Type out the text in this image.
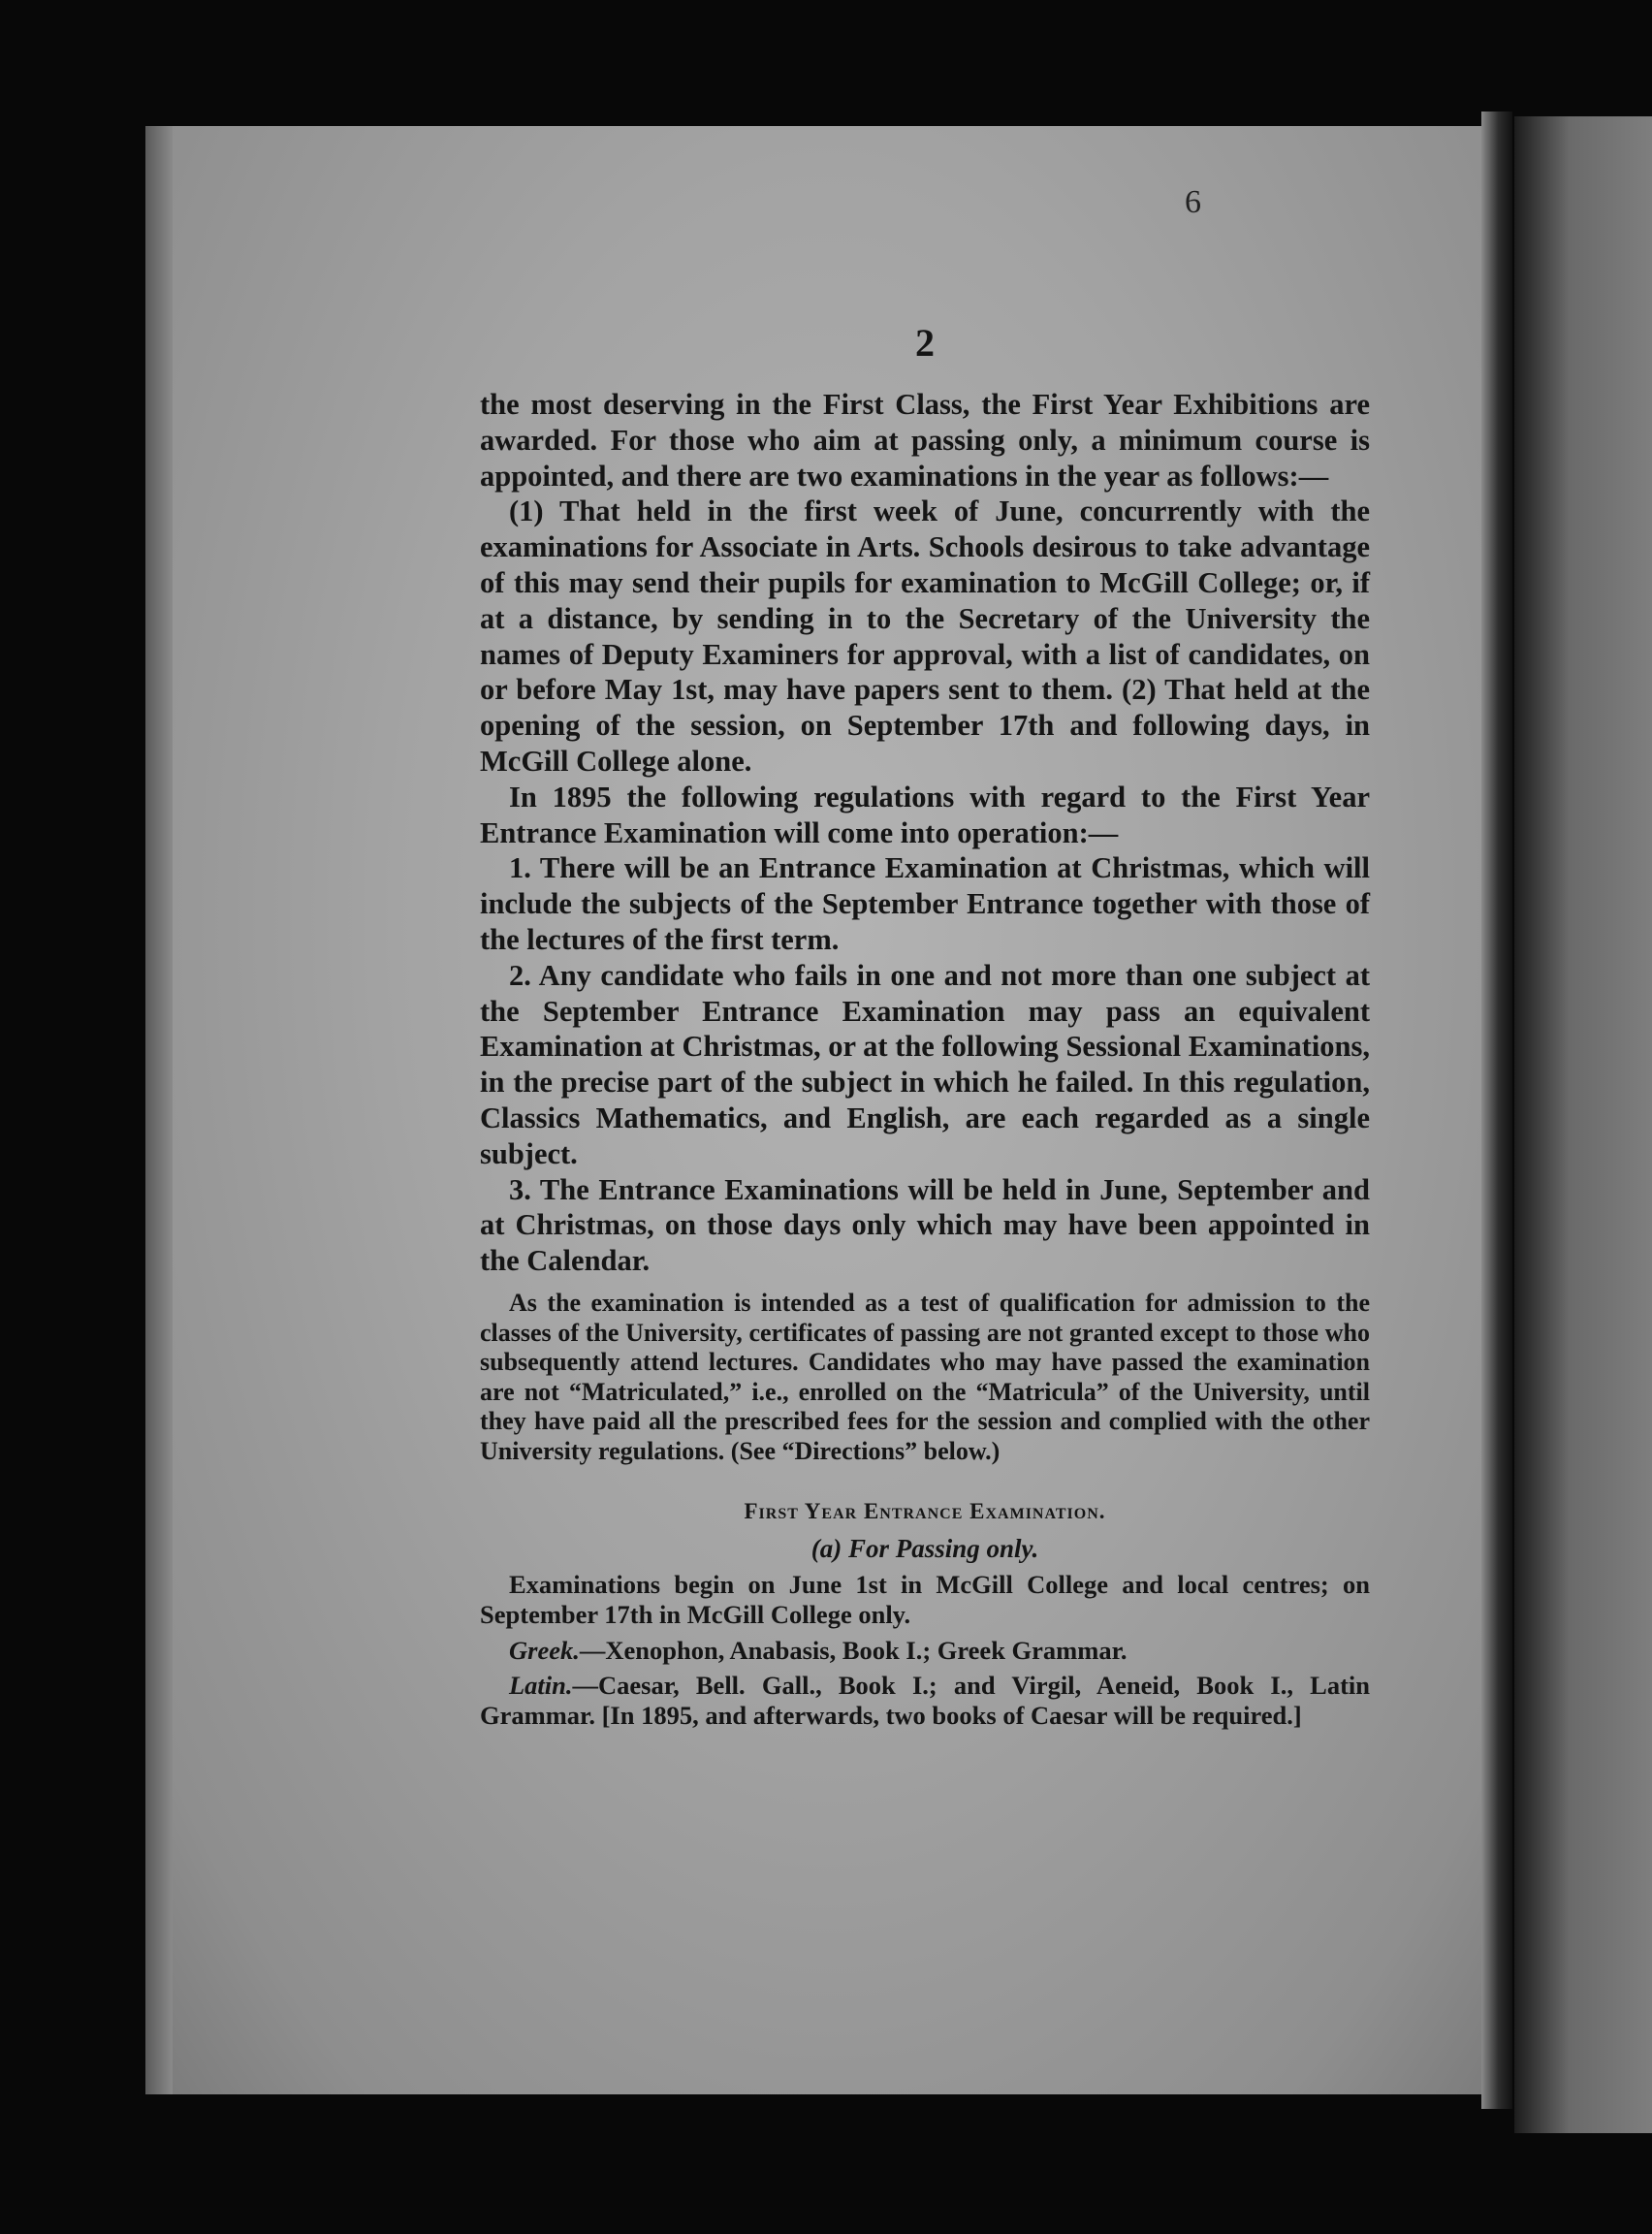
6
2

the most deserving in the First Class, the First Year Exhibitions are awarded. For those who aim at passing only, a minimum course is appointed, and there are two examinations in the year as follows:—

(1) That held in the first week of June, concurrently with the examinations for Associate in Arts. Schools desirous to take advantage of this may send their pupils for examination to McGill College; or, if at a distance, by sending in to the Secretary of the University the names of Deputy Examiners for approval, with a list of candidates, on or before May 1st, may have papers sent to them. (2) That held at the opening of the session, on September 17th and following days, in McGill College alone.

In 1895 the following regulations with regard to the First Year Entrance Examination will come into operation:—

1. There will be an Entrance Examination at Christmas, which will include the subjects of the September Entrance together with those of the lectures of the first term.

2. Any candidate who fails in one and not more than one subject at the September Entrance Examination may pass an equivalent Examination at Christmas, or at the following Sessional Examinations, in the precise part of the subject in which he failed. In this regulation, Classics Mathematics, and English, are each regarded as a single subject.

3. The Entrance Examinations will be held in June, September and at Christmas, on those days only which may have been appointed in the Calendar.

As the examination is intended as a test of qualification for admission to the classes of the University, certificates of passing are not granted except to those who subsequently attend lectures. Candidates who may have passed the examination are not “Matriculated,” i.e., enrolled on the “Matricula” of the University, until they have paid all the prescribed fees for the session and complied with the other University regulations. (See “Directions” below.)

First Year Entrance Examination.
(a) For Passing only.

Examinations begin on June 1st in McGill College and local centres; on September 17th in McGill College only.

Greek.—Xenophon, Anabasis, Book I.; Greek Grammar.

Latin.—Caesar, Bell. Gall., Book I.; and Virgil, Aeneid, Book I., Latin Grammar. [In 1895, and afterwards, two books of Caesar will be required.]
